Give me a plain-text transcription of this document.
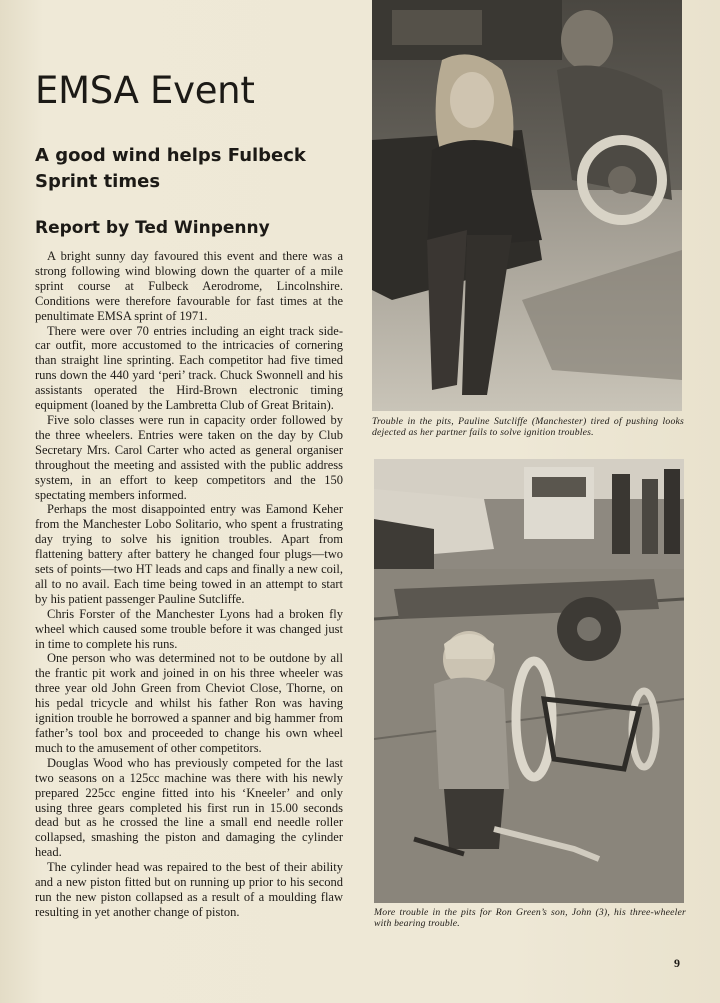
EMSA Event
A good wind helps Fulbeck Sprint times
Report by Ted Winpenny

A bright sunny day favoured this event and there was a strong following wind blowing down the quarter of a mile sprint course at Fulbeck Aerodrome, Lincolnshire. Conditions were therefore favourable for fast times at the penultimate EMSA sprint of 1971.

There were over 70 entries including an eight track side-car outfit, more accustomed to the intricacies of cornering than straight line sprinting. Each competitor had five timed runs down the 440 yard ‘peri’ track. Chuck Swonnell and his assistants operated the Hird-Brown electronic timing equipment (loaned by the Lambretta Club of Great Britain).

Five solo classes were run in capacity order followed by the three wheelers. Entries were taken on the day by Club Secretary Mrs. Carol Carter who acted as general organiser throughout the meeting and assisted with the public address system, in an effort to keep competitors and the 150 spectating members informed.

Perhaps the most disappointed entry was Eamond Keher from the Manchester Lobo Solitario, who spent a frustrating day trying to solve his ignition troubles. Apart from flattening battery after battery he changed four plugs—two sets of points—two HT leads and caps and finally a new coil, all to no avail. Each time being towed in an attempt to start by his patient passenger Pauline Sutcliffe.

Chris Forster of the Manchester Lyons had a broken fly wheel which caused some trouble before it was changed just in time to complete his runs.

One person who was determined not to be outdone by all the frantic pit work and joined in on his three wheeler was three year old John Green from Cheviot Close, Thorne, on his pedal tricycle and whilst his father Ron was having ignition trouble he borrowed a spanner and big hammer from father’s tool box and proceeded to change his own wheel much to the amusement of other competitors.

Douglas Wood who has previously competed for the last two seasons on a 125cc machine was there with his newly prepared 225cc engine fitted into his ‘Kneeler’ and only using three gears completed his first run in 15.00 seconds dead but as he crossed the line a small end needle roller collapsed, smashing the piston and damaging the cylinder head.

The cylinder head was repaired to the best of their ability and a new piston fitted but on running up prior to his second run the new piston collapsed as a result of a moulding flaw resulting in yet another change of piston.

Trouble in the pits, Pauline Sutcliffe (Manchester) tired of pushing looks dejected as her partner fails to solve ignition troubles.
More trouble in the pits for Ron Green’s son, John (3), his three-wheeler with bearing trouble.
9
